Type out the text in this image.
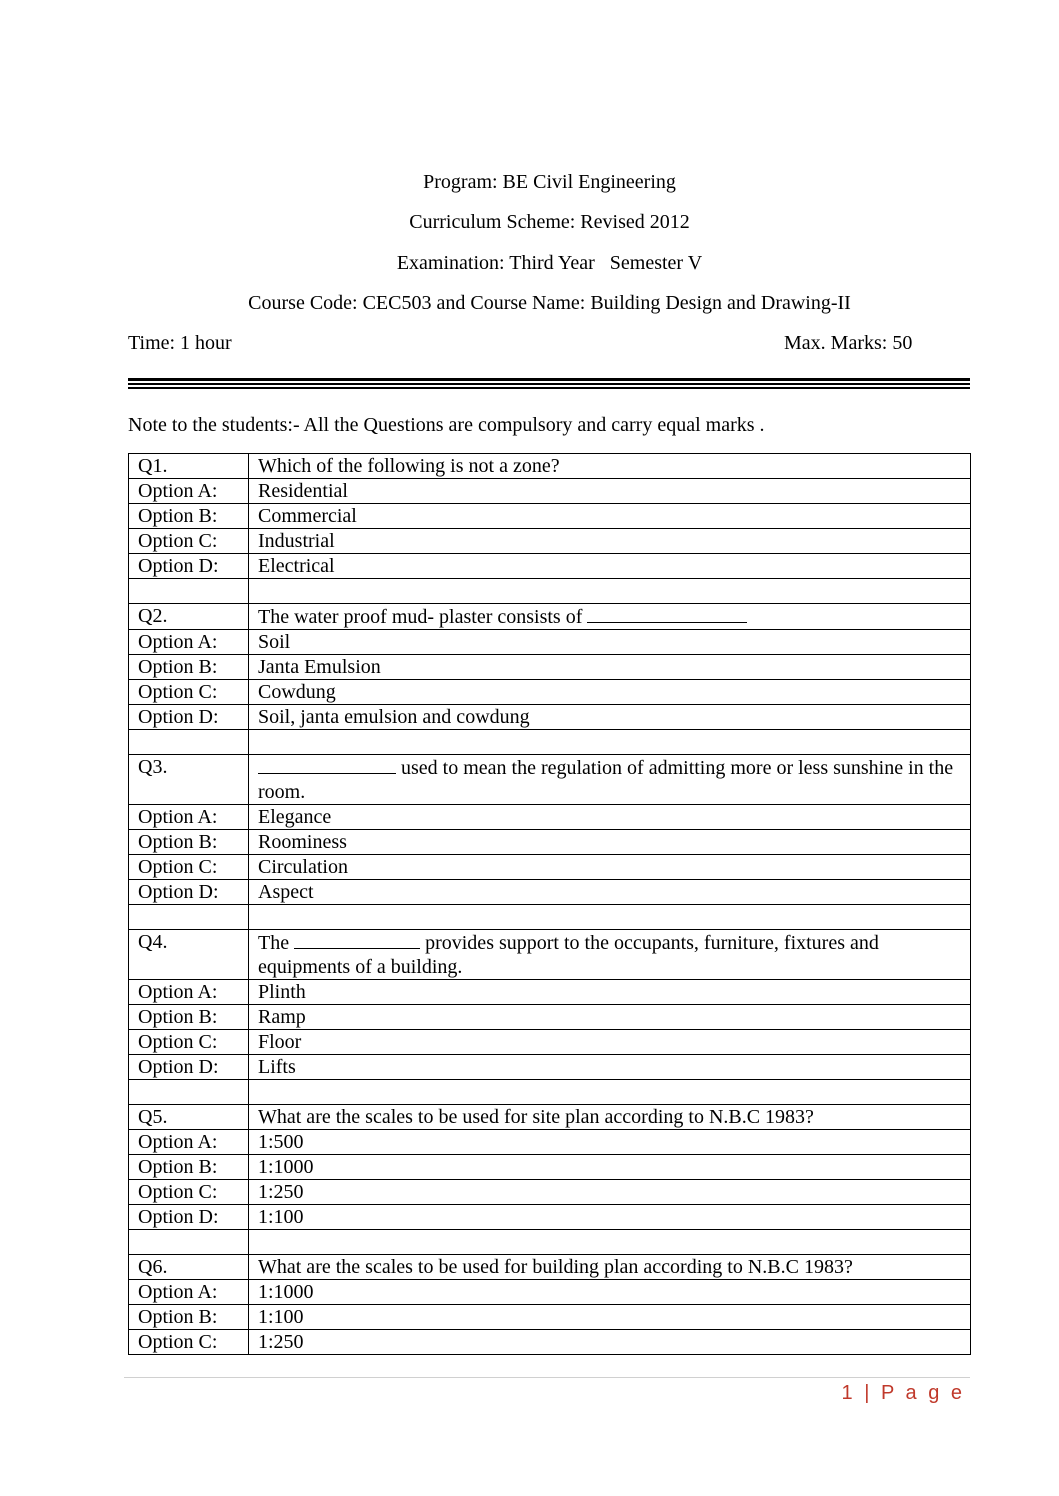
Program: BE Civil Engineering
Curriculum Scheme: Revised 2012
Examination: Third Year   Semester V
Course Code: CEC503 and Course Name: Building Design and Drawing-II
Time: 1 hour	Max. Marks: 50
Note to the students:- All the Questions are compulsory and carry equal marks .
Q1.	Which of the following is not a zone?
Option A:	Residential
Option B:	Commercial
Option C:	Industrial
Option D:	Electrical

Q2.	The water proof mud- plaster consists of
Option A:	Soil
Option B:	Janta Emulsion
Option C:	Cowdung
Option D:	Soil, janta emulsion and cowdung

Q3.	used to mean the regulation of admitting more or less sunshine in the room.
Option A:	Elegance
Option B:	Roominess
Option C:	Circulation
Option D:	Aspect

Q4.	The provides support to the occupants, furniture, fixtures and equipments of a building.
Option A:	Plinth
Option B:	Ramp
Option C:	Floor
Option D:	Lifts

Q5.	What are the scales to be used for site plan according to N.B.C 1983?
Option A:	1:500
Option B:	1:1000
Option C:	1:250
Option D:	1:100

Q6.	What are the scales to be used for building plan according to N.B.C 1983?
Option A:	1:1000
Option B:	1:100
Option C:	1:250
1 | P a g e
